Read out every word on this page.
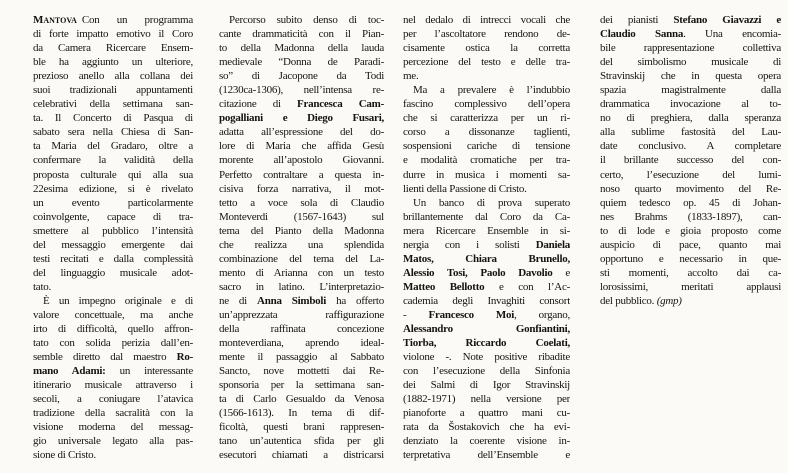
Mantova Con un programma
di forte impatto emotivo il Coro
da Camera Ricercare Ensem-
ble ha aggiunto un ulteriore,
prezioso anello alla collana dei
suoi tradizionali appuntamenti
celebrativi della settimana san-
ta. Il Concerto di Pasqua di
sabato sera nella Chiesa di San-
ta Maria del Gradaro, oltre a
confermare la validità della
proposta culturale qui alla sua
22esima edizione, si è rivelato
un evento particolarmente
coinvolgente, capace di tra-
smettere al pubblico l’intensità
del messaggio emergente dai
testi recitati e dalla complessità
del linguaggio musicale adot-
tato.
È un impegno originale e di
valore concettuale, ma anche
irto di difficoltà, quello affron-
tato con solida perizia dall’en-
semble diretto dal maestro Ro-
mano Adami: un interessante
itinerario musicale attraverso i
secoli, a coniugare l’atavica
tradizione della sacralità con la
visione moderna del messag-
gio universale legato alla pas-
sione di Cristo.
Percorso subito denso di toc-
cante drammaticità con il Pian-
to della Madonna della lauda
medievale “Donna de Paradi-
so” di Jacopone da Todi
(1230ca-1306), nell’intensa re-
citazione di Francesca Cam-
pogalliani e Diego Fusari,
adatta all’espressione del do-
lore di Maria che affida Gesù
morente all’apostolo Giovanni.
Perfetto contraltare a questa in-
cisiva forza narrativa, il mot-
tetto a voce sola di Claudio
Monteverdi (1567-1643) sul
tema del Pianto della Madonna
che realizza una splendida
combinazione del tema del La-
mento di Arianna con un testo
sacro in latino. L’interpretazio-
ne di Anna Simboli ha offerto
un’apprezzata raffigurazione
della raffinata concezione
monteverdiana, aprendo ideal-
mente il passaggio al Sabbato
Sancto, nove mottetti dai Re-
sponsoria per la settimana san-
ta di Carlo Gesualdo da Venosa
(1566-1613). In tema di dif-
ficoltà, questi brani rappresen-
tano un’autentica sfida per gli
esecutori chiamati a districarsi
nel dedalo di intrecci vocali che
per l’ascoltatore rendono de-
cisamente ostica la corretta
percezione del testo e delle tra-
me.
Ma a prevalere è l’indubbio
fascino complessivo dell’opera
che si caratterizza per un ri-
corso a dissonanze taglienti,
sospensioni cariche di tensione
e modalità cromatiche per tra-
durre in musica i momenti sa-
lienti della Passione di Cristo.
Un banco di prova superato
brillantemente dal Coro da Ca-
mera Ricercare Ensemble in si-
nergia con i solisti Daniela
Matos, Chiara Brunello,
Alessio Tosi, Paolo Davolio e
Matteo Bellotto e con l’Ac-
cademia degli Invaghiti consort
- Francesco Moi, organo,
Alessandro Gonfiantini,
Tiorba, Riccardo Coelati,
violone -. Note positive ribadite
con l’esecuzione della Sinfonia
dei Salmi di Igor Stravinskij
(1882-1971) nella versione per
pianoforte a quattro mani cu-
rata da Šostakovich che ha evi-
denziato la coerente visione in-
terpretativa dell’Ensemble e
dei pianisti Stefano Giavazzi e
Claudio Sanna. Una encomia-
bile rappresentazione collettiva
del simbolismo musicale di
Stravinskij che in questa opera
spazia magistralmente dalla
drammatica invocazione al to-
no di preghiera, dalla speranza
alla sublime fastosità del Lau-
date conclusivo. A completare
il brillante successo del con-
certo, l’esecuzione del lumi-
noso quarto movimento del Re-
quiem tedesco op. 45 di Johan-
nes Brahms (1833-1897), can-
to di lode e gioia proposto come
auspicio di pace, quanto mai
opportuno e necessario in que-
sti momenti, accolto dai ca-
lorosissimi, meritati applausi
del pubblico. (gmp)
